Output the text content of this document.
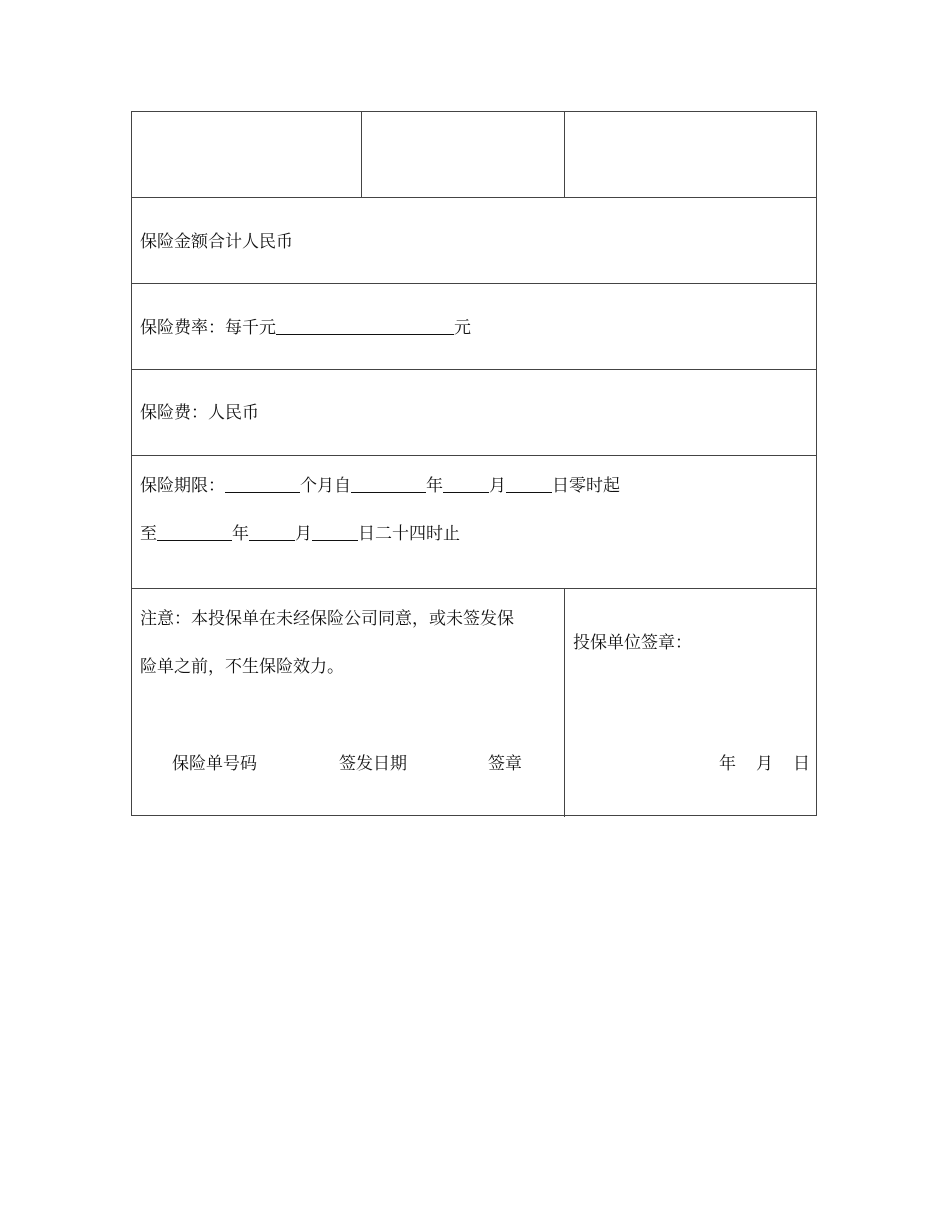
保险金额合计人民币
保险费率：每千元	元
保险费：人民币
保险期限：	个月自	年	月	日零时起
至	年	月	日二十四时止
注意：本投保单在未经保险公司同意，或未签发保
险单之前，不生保险效力。
保险单号码	签发日期	签章
投保单位签章：
年 月 日
